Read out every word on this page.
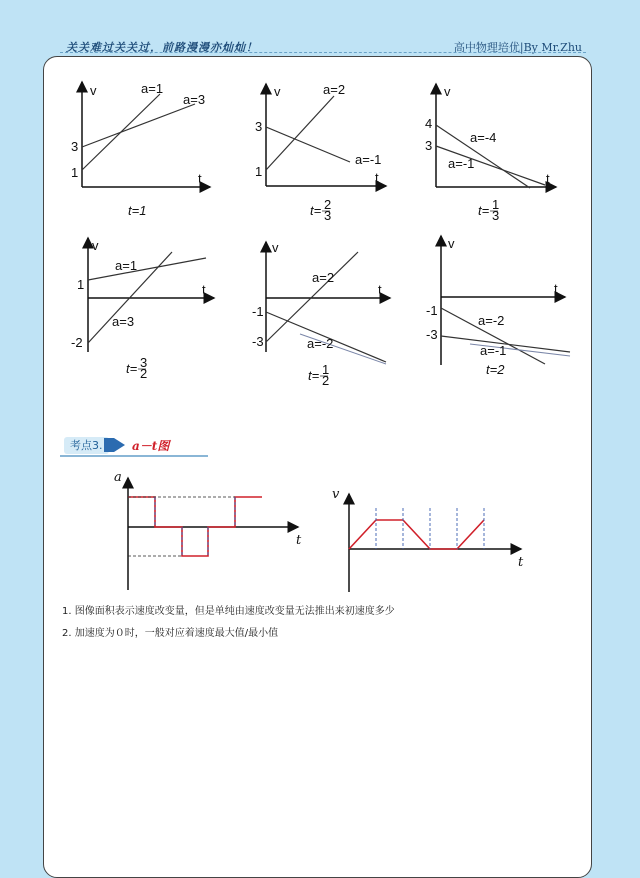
关关难过关关过，前路漫漫亦灿灿！	高中物理培优|By Mr.Zhu
v
t
a=1
a=3
3
1
t=1
v
t
a=2
a=-1
3
1
t= 2
3
v
t
a=-4
a=-1
4
3
t= 1
3
v
t
a=1
a=3
1
-2
t= 3
2
v
t
a=2
a=-2
-1
-3
t= 1
2
v
t
a=-2
a=-1
-1
-3
t=2
a
t
v
t
考点3.	a－t图
1. 图像面积表示速度改变量，但是单纯由速度改变量无法推出来初速度多少
2. 加速度为０时，一般对应着速度最大值/最小值
